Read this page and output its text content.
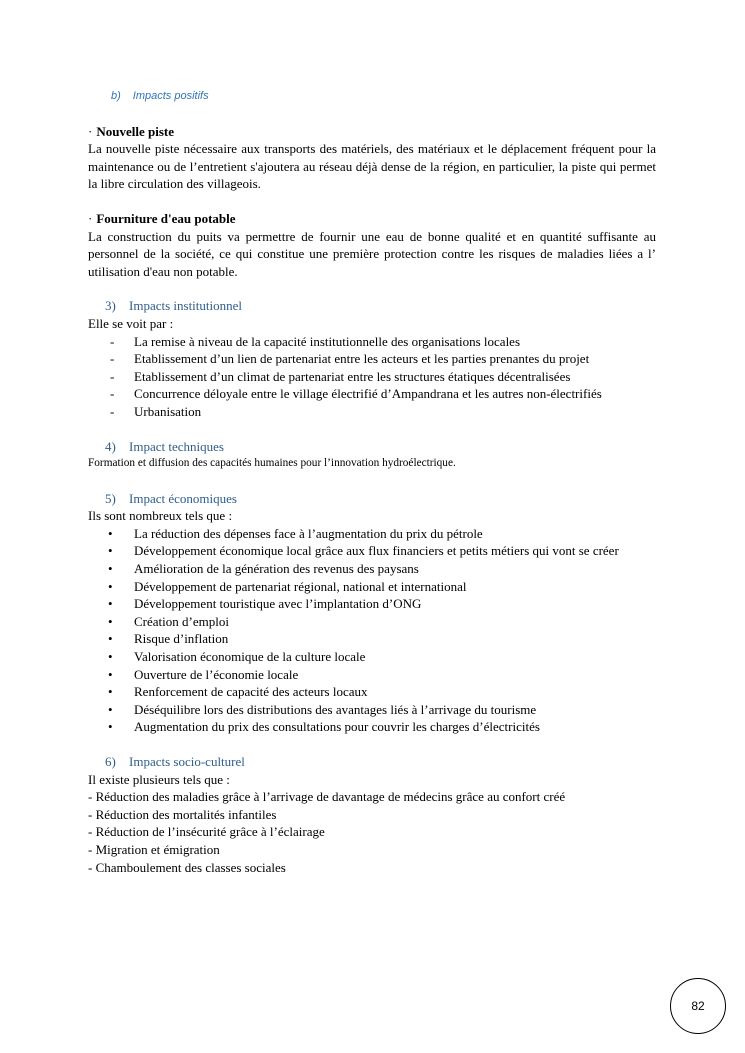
b) Impacts positifs
· Nouvelle piste

La nouvelle piste nécessaire aux transports des matériels, des matériaux et le déplacement fréquent pour la maintenance ou de l’entretient s'ajoutera au réseau déjà dense de la région, en particulier, la piste qui permet la libre circulation des villageois.

· Fourniture d'eau potable

La construction du puits va permettre de fournir une eau de bonne qualité et en quantité suffisante au personnel de la société, ce qui constitue une première protection contre les risques de maladies liées a l’ utilisation d'eau non potable.

3) Impacts institutionnel

Elle se voit par :

- La remise à niveau de la capacité institutionnelle des organisations locales
- Etablissement d’un lien de partenariat entre les acteurs et les parties prenantes du projet
- Etablissement d’un climat de partenariat entre les structures étatiques décentralisées
- Concurrence déloyale entre le village électrifié d’Ampandrana et les autres non-électrifiés
- Urbanisation
4) Impact techniques

Formation et diffusion des capacités humaines pour l’innovation hydroélectrique.

5) Impact économiques

Ils sont nombreux tels que :

• La réduction des dépenses face à l’augmentation du prix du pétrole
• Développement économique local grâce aux flux financiers et petits métiers qui vont se créer
• Amélioration de la génération des revenus des paysans
• Développement de partenariat régional, national et international
• Développement touristique avec l’implantation d’ONG
• Création d’emploi
• Risque d’inflation
• Valorisation économique de la culture locale
• Ouverture de l’économie locale
• Renforcement de capacité des acteurs locaux
• Déséquilibre lors des distributions des avantages liés à l’arrivage du tourisme
• Augmentation du prix des consultations pour couvrir les charges d’électricités
6) Impacts socio-culturel

Il existe plusieurs tels que :

- Réduction des maladies grâce à l’arrivage de davantage de médecins grâce au confort créé
- Réduction des mortalités infantiles
- Réduction de l’insécurité grâce à l’éclairage
- Migration et émigration
- Chamboulement des classes sociales
82
